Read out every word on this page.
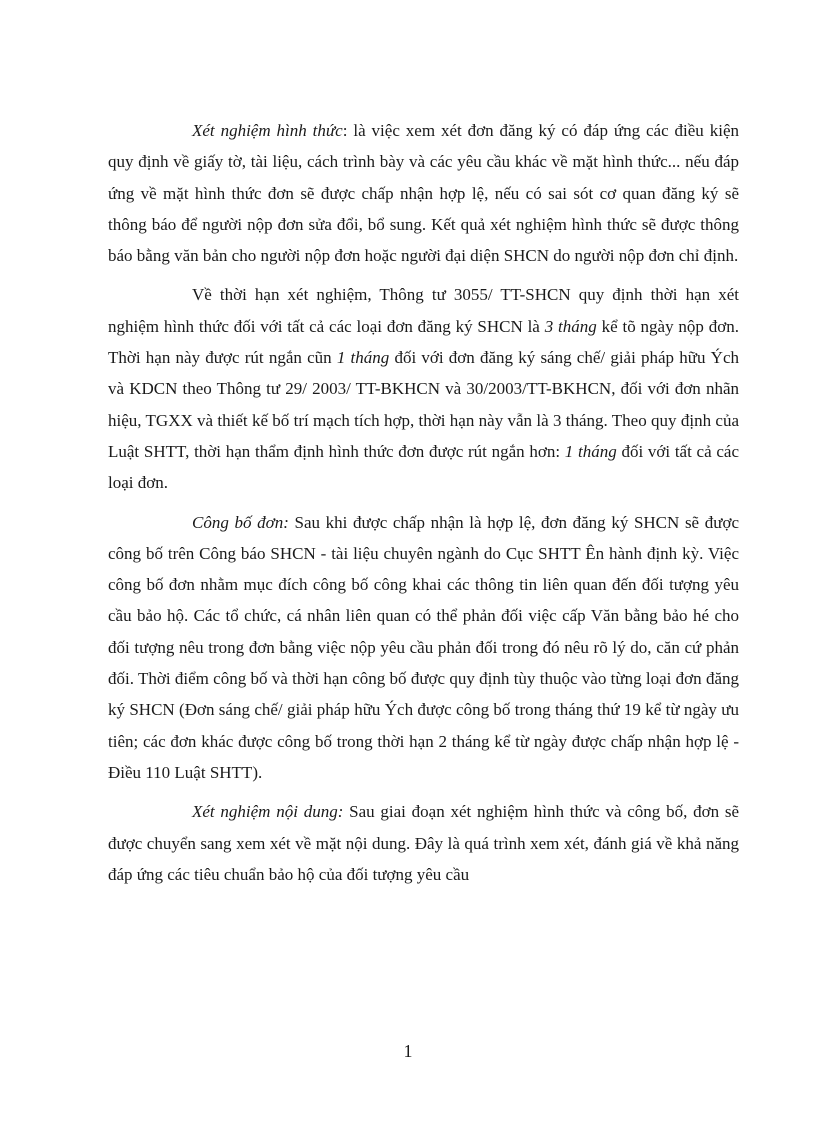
Xét nghiệm hình thức: là việc xem xét đơn đăng ký có đáp ứng các điều kiện quy định về giấy tờ, tài liệu, cách trình bày và các yêu cầu khác về mặt hình thức... nếu đáp ứng về mặt hình thức đơn sẽ được chấp nhận hợp lệ, nếu có sai sót cơ quan đăng ký sẽ thông báo để người nộp đơn sửa đổi, bổ sung. Kết quả xét nghiệm hình thức sẽ được thông báo bằng văn bản cho người nộp đơn hoặc người đại diện SHCN do người nộp đơn chỉ định.

Về thời hạn xét nghiệm, Thông tư 3055/ TT-SHCN quy định thời hạn xét nghiệm hình thức đối với tất cả các loại đơn đăng ký SHCN là 3 tháng kể tõ ngày nộp đơn. Thời hạn này được rút ngắn cũn 1 tháng đối với đơn đăng ký sáng chế/ giải pháp hữu Ých và KDCN theo Thông tư 29/ 2003/ TT-BKHCN và 30/2003/TT-BKHCN, đối với đơn nhãn hiệu, TGXX và thiết kế bố trí mạch tích hợp, thời hạn này vẫn là 3 tháng. Theo quy định của Luật SHTT, thời hạn thẩm định hình thức đơn được rút ngắn hơn: 1 tháng đối với tất cả các loại đơn.

Công bố đơn: Sau khi được chấp nhận là hợp lệ, đơn đăng ký SHCN sẽ được công bố trên Công báo SHCN - tài liệu chuyên ngành do Cục SHTT Ên hành định kỳ. Việc công bố đơn nhằm mục đích công bố công khai các thông tin liên quan đến đối tượng yêu cầu bảo hộ. Các tổ chức, cá nhân liên quan có thể phản đối việc cấp Văn bằng bảo hé cho đối tượng nêu trong đơn bằng việc nộp yêu cầu phản đối trong đó nêu rõ lý do, căn cứ phản đối. Thời điểm công bố và thời hạn công bố được quy định tùy thuộc vào từng loại đơn đăng ký SHCN (Đơn sáng chế/ giải pháp hữu Ých được công bố trong tháng thứ 19 kể từ ngày ưu tiên; các đơn khác được công bố trong thời hạn 2 tháng kể từ ngày được chấp nhận hợp lệ - Điều 110 Luật SHTT).

Xét nghiệm nội dung: Sau giai đoạn xét nghiệm hình thức và công bố, đơn sẽ được chuyển sang xem xét về mặt nội dung. Đây là quá trình xem xét, đánh giá về khả năng đáp ứng các tiêu chuẩn bảo hộ của đối tượng yêu cầu

1
